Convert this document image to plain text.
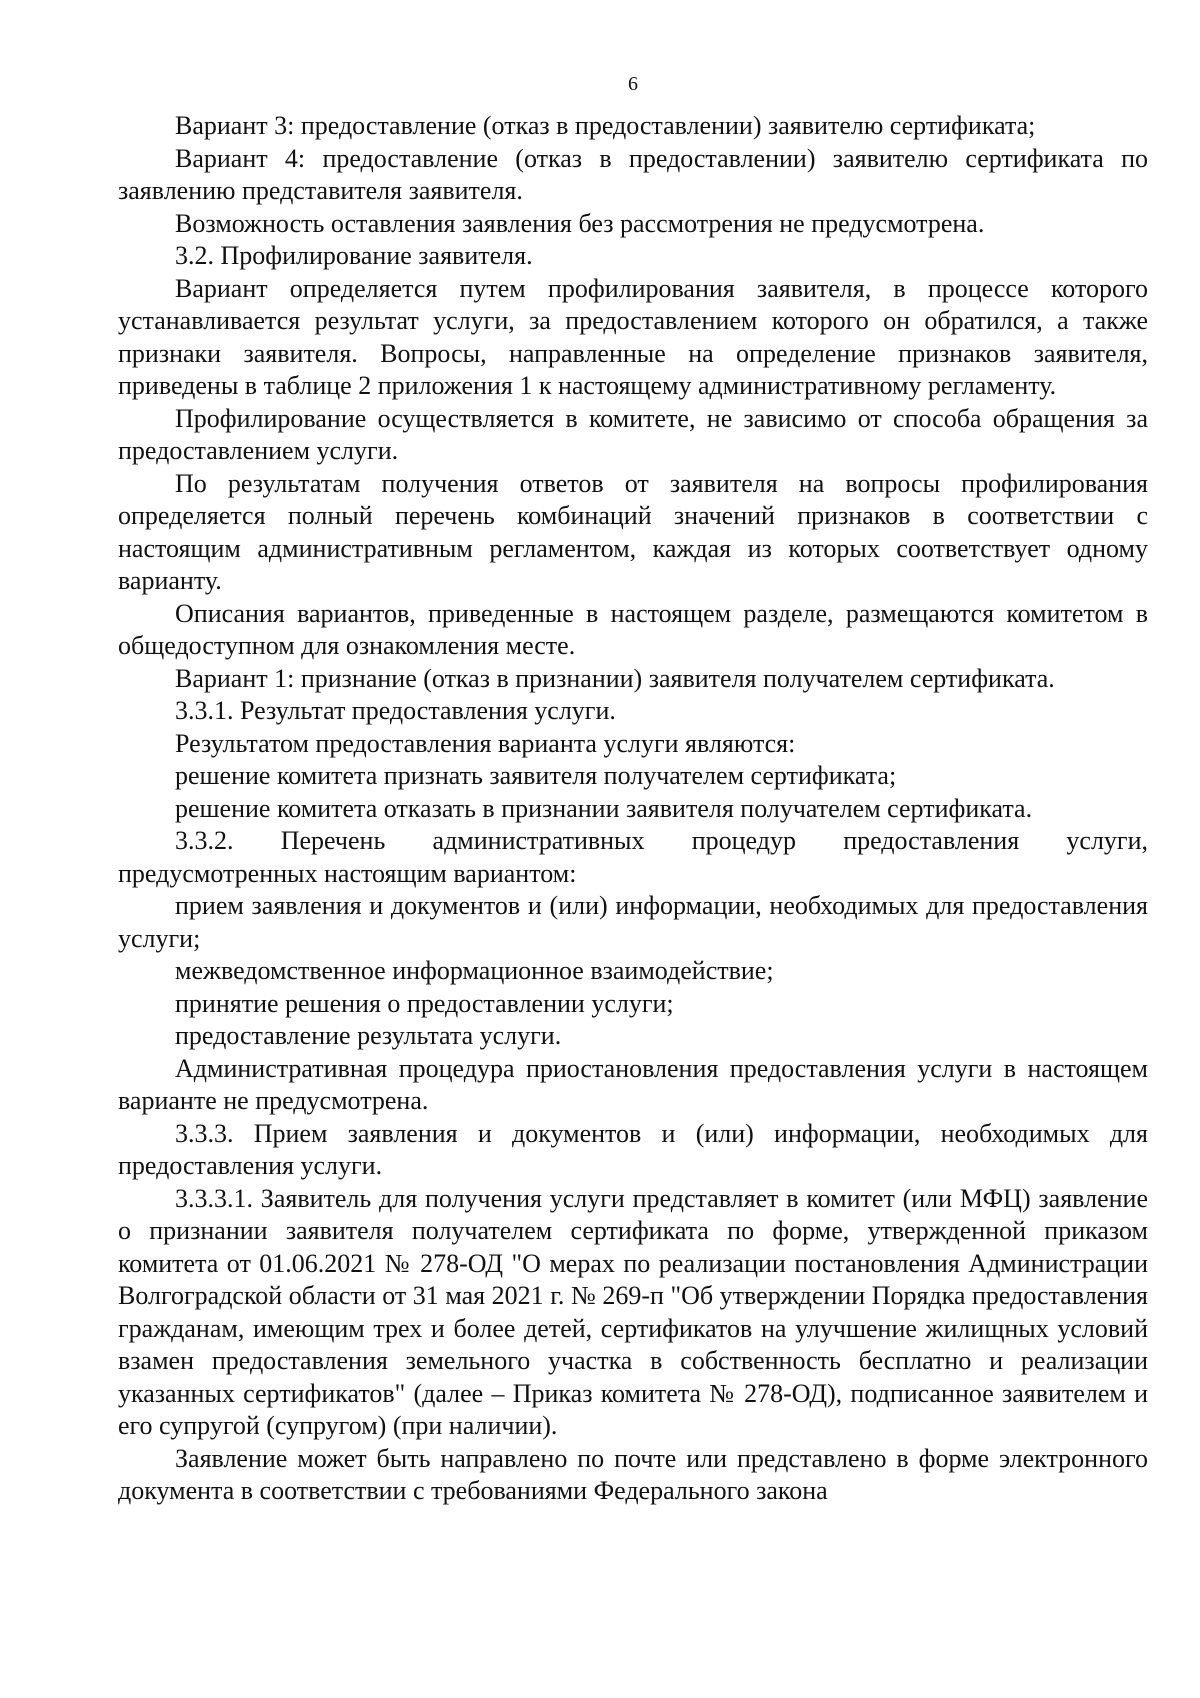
6

Вариант 3: предоставление (отказ в предоставлении) заявителю сертификата;

Вариант 4: предоставление (отказ в предоставлении) заявителю сертификата по заявлению представителя заявителя.

Возможность оставления заявления без рассмотрения не предусмотрена.

3.2. Профилирование заявителя.

Вариант определяется путем профилирования заявителя, в процессе которого устанавливается результат услуги, за предоставлением которого он обратился, а также признаки заявителя. Вопросы, направленные на определение признаков заявителя, приведены в таблице 2 приложения 1 к настоящему административному регламенту.

Профилирование осуществляется в комитете, не зависимо от способа обращения за предоставлением услуги.

По результатам получения ответов от заявителя на вопросы профилирования определяется полный перечень комбинаций значений признаков в соответствии с настоящим административным регламентом, каждая из которых соответствует одному варианту.

Описания вариантов, приведенные в настоящем разделе, размещаются комитетом в общедоступном для ознакомления месте.

Вариант 1: признание (отказ в признании) заявителя получателем сертификата.

3.3.1. Результат предоставления услуги.

Результатом предоставления варианта услуги являются:

решение комитета признать заявителя получателем сертификата;

решение комитета отказать в признании заявителя получателем сертификата.

3.3.2. Перечень административных процедур предоставления услуги, предусмотренных настоящим вариантом:

прием заявления и документов и (или) информации, необходимых для предоставления услуги;

межведомственное информационное взаимодействие;

принятие решения о предоставлении услуги;

предоставление результата услуги.

Административная процедура приостановления предоставления услуги в настоящем варианте не предусмотрена.

3.3.3. Прием заявления и документов и (или) информации, необходимых для предоставления услуги.

3.3.3.1. Заявитель для получения услуги представляет в комитет (или МФЦ) заявление о признании заявителя получателем сертификата по форме, утвержденной приказом комитета от 01.06.2021 № 278-ОД "О мерах по реализации постановления Администрации Волгоградской области от 31 мая 2021 г. № 269-п "Об утверждении Порядка предоставления гражданам, имеющим трех и более детей, сертификатов на улучшение жилищных условий взамен предоставления земельного участка в собственность бесплатно и реализации указанных сертификатов" (далее – Приказ комитета № 278-ОД), подписанное заявителем и его супругой (супругом) (при наличии).

Заявление может быть направлено по почте или представлено в форме электронного документа в соответствии с требованиями Федерального закона
